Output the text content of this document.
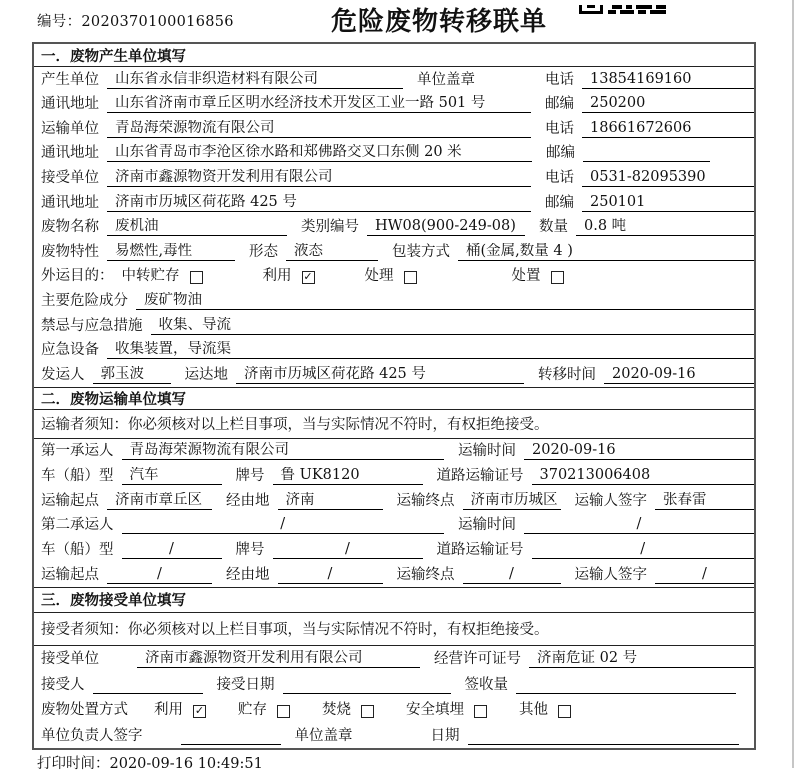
编号：2020370100016856	危险废物转移联单
一．废物产生单位填写
产生单位	山东省永信非织造材料有限公司	单位盖章	电话	13854169160
通讯地址	山东省济南市章丘区明水经济技术开发区工业一路 501 号	邮编	250200
运输单位	青岛海荣源物流有限公司	电话	18661672606
通讯地址	山东省青岛市李沧区徐水路和郑佛路交叉口东侧 20 米	邮编
接受单位	济南市鑫源物资开发利用有限公司	电话	0531-82095390
通讯地址	济南市历城区荷花路 425 号	邮编	250101
废物名称	废机油	类别编号	HW08(900-249-08)	数量	0.8 吨
废物特性	易燃性,毒性	形态	液态	包装方式	桶(金属,数量 4 )
外运目的： 中转贮存	利用 ✓	处理	处置
主要危险成分	废矿物油
禁忌与应急措施	收集、导流
应急设备	收集装置，导流渠
发运人	郭玉波	运达地	济南市历城区荷花路 425 号	转移时间	2020-09-16
二．废物运输单位填写
运输者须知：你必须核对以上栏目事项，当与实际情况不符时，有权拒绝接受。
第一承运人	青岛海荣源物流有限公司	运输时间	2020-09-16
车（船）型	汽车	牌号	鲁 UK8120	道路运输证号	370213006408
运输起点	济南市章丘区	经由地	济南	运输终点	济南市历城区 运输人签字	张春雷
第二承运人	/	运输时间	/
车（船）型	/	牌号	/	道路运输证号	/
运输起点	/	经由地	/	运输终点	/	运输人签字	/
三．废物接受单位填写
接受者须知：你必须核对以上栏目事项，当与实际情况不符时，有权拒绝接受。
接受单位	济南市鑫源物资开发利用有限公司	经营许可证号	济南危证 02 号
接受人	接受日期	签收量
废物处置方式 利用 ✓ 贮存	焚烧	安全填埋	其他
单位负责人签字	单位盖章	日期
打印时间：2020-09-16 10:49:51
